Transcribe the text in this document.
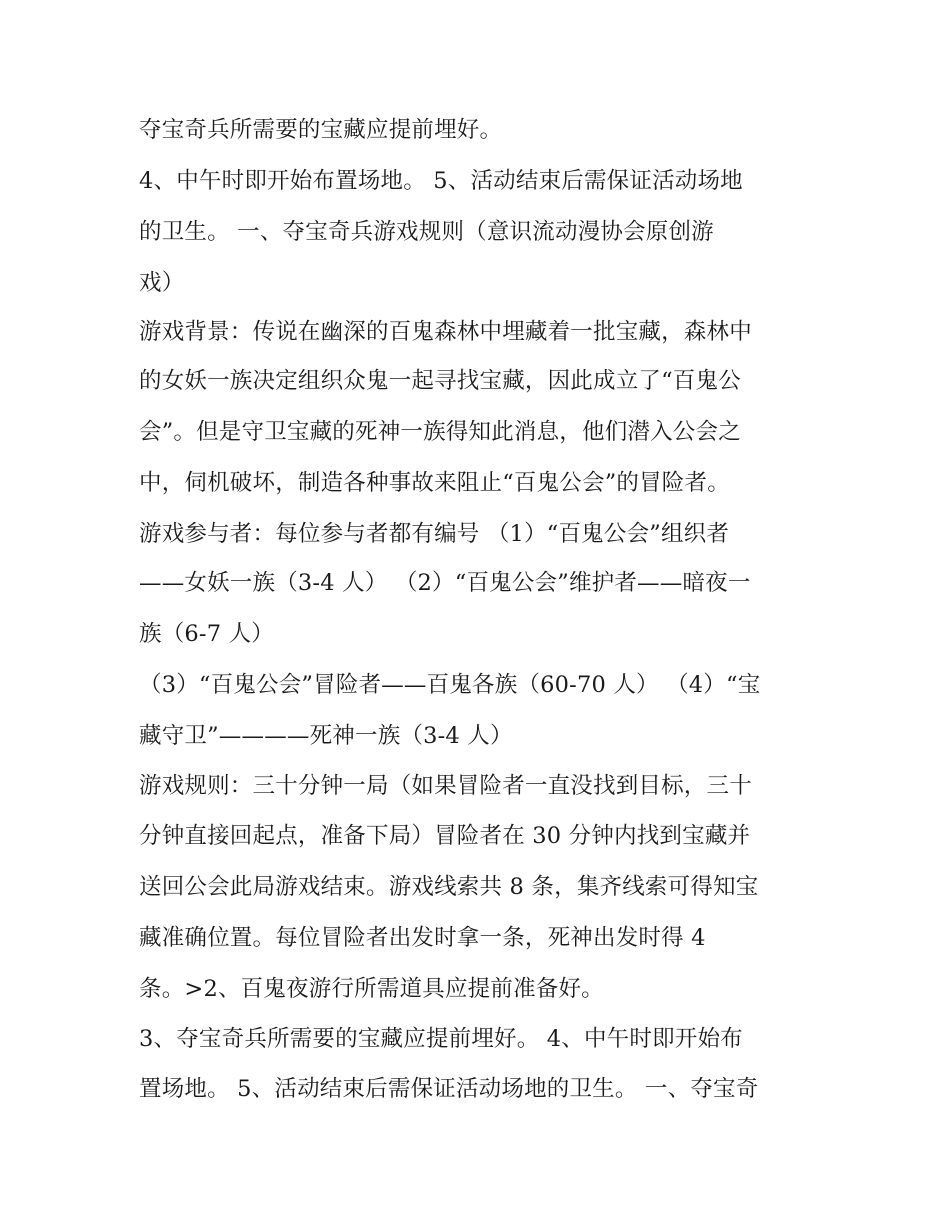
夺宝奇兵所需要的宝藏应提前埋好。
4、中午时即开始布置场地。 5、活动结束后需保证活动场地
的卫生。 一、夺宝奇兵游戏规则（意识流动漫协会原创游
戏）
游戏背景：传说在幽深的百鬼森林中埋藏着一批宝藏，森林中
的女妖一族决定组织众鬼一起寻找宝藏，因此成立了“百鬼公
会”。但是守卫宝藏的死神一族得知此消息，他们潜入公会之
中，伺机破坏，制造各种事故来阻止“百鬼公会”的冒险者。
游戏参与者：每位参与者都有编号 （1）“百鬼公会”组织者
——女妖一族（3-4 人） （2）“百鬼公会”维护者——暗夜一
族（6-7 人）
（3）“百鬼公会”冒险者——百鬼各族（60-70 人） （4）“宝
藏守卫”————死神一族（3-4 人）
游戏规则：三十分钟一局（如果冒险者一直没找到目标，三十
分钟直接回起点，准备下局）冒险者在 30 分钟内找到宝藏并
送回公会此局游戏结束。游戏线索共 8 条，集齐线索可得知宝
藏准确位置。每位冒险者出发时拿一条，死神出发时得 4
条。>2、百鬼夜游行所需道具应提前准备好。
3、夺宝奇兵所需要的宝藏应提前埋好。 4、中午时即开始布
置场地。 5、活动结束后需保证活动场地的卫生。 一、夺宝奇
